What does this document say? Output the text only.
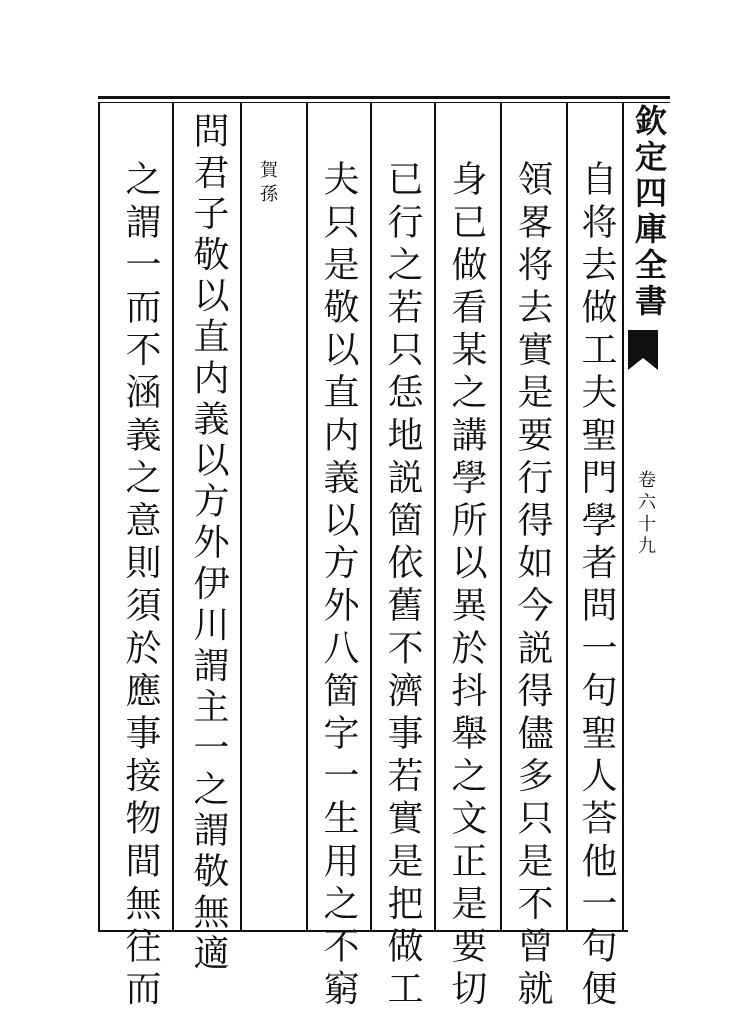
欽定四庫全書
卷六十九
自将去做工夫聖門學者問一句聖人荅他一句便
領畧将去實是要行得如今説得儘多只是不曾就
身已做看某之講學所以異於抖舉之文正是要切
已行之若只恁地説箇依舊不濟事若實是把做工
夫只是敬以直内義以方外八箇字一生用之不窮
賀孫
問君子敬以直内義以方外伊川謂主一之謂敬無適
之謂一而不涵義之意則須於應事接物間無往而
